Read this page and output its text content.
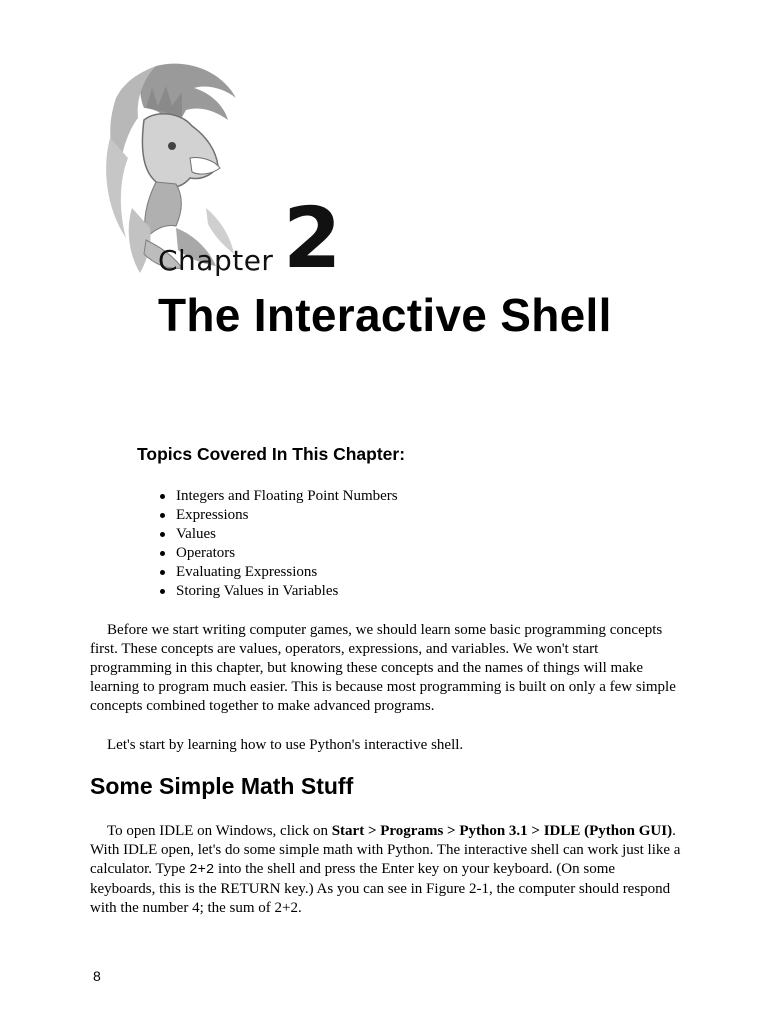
Chapter 2
The Interactive Shell
Topics Covered In This Chapter:
Integers and Floating Point Numbers
Expressions
Values
Operators
Evaluating Expressions
Storing Values in Variables

Before we start writing computer games, we should learn some basic programming concepts first. These concepts are values, operators, expressions, and variables. We won't start programming in this chapter, but knowing these concepts and the names of things will make learning to program much easier. This is because most programming is built on only a few simple concepts combined together to make advanced programs.

Let's start by learning how to use Python's interactive shell.

Some Simple Math Stuff

To open IDLE on Windows, click on Start > Programs > Python 3.1 > IDLE (Python GUI). With IDLE open, let's do some simple math with Python. The interactive shell can work just like a calculator. Type 2+2 into the shell and press the Enter key on your keyboard. (On some keyboards, this is the RETURN key.) As you can see in Figure 2-1, the computer should respond with the number 4; the sum of 2+2.

8
